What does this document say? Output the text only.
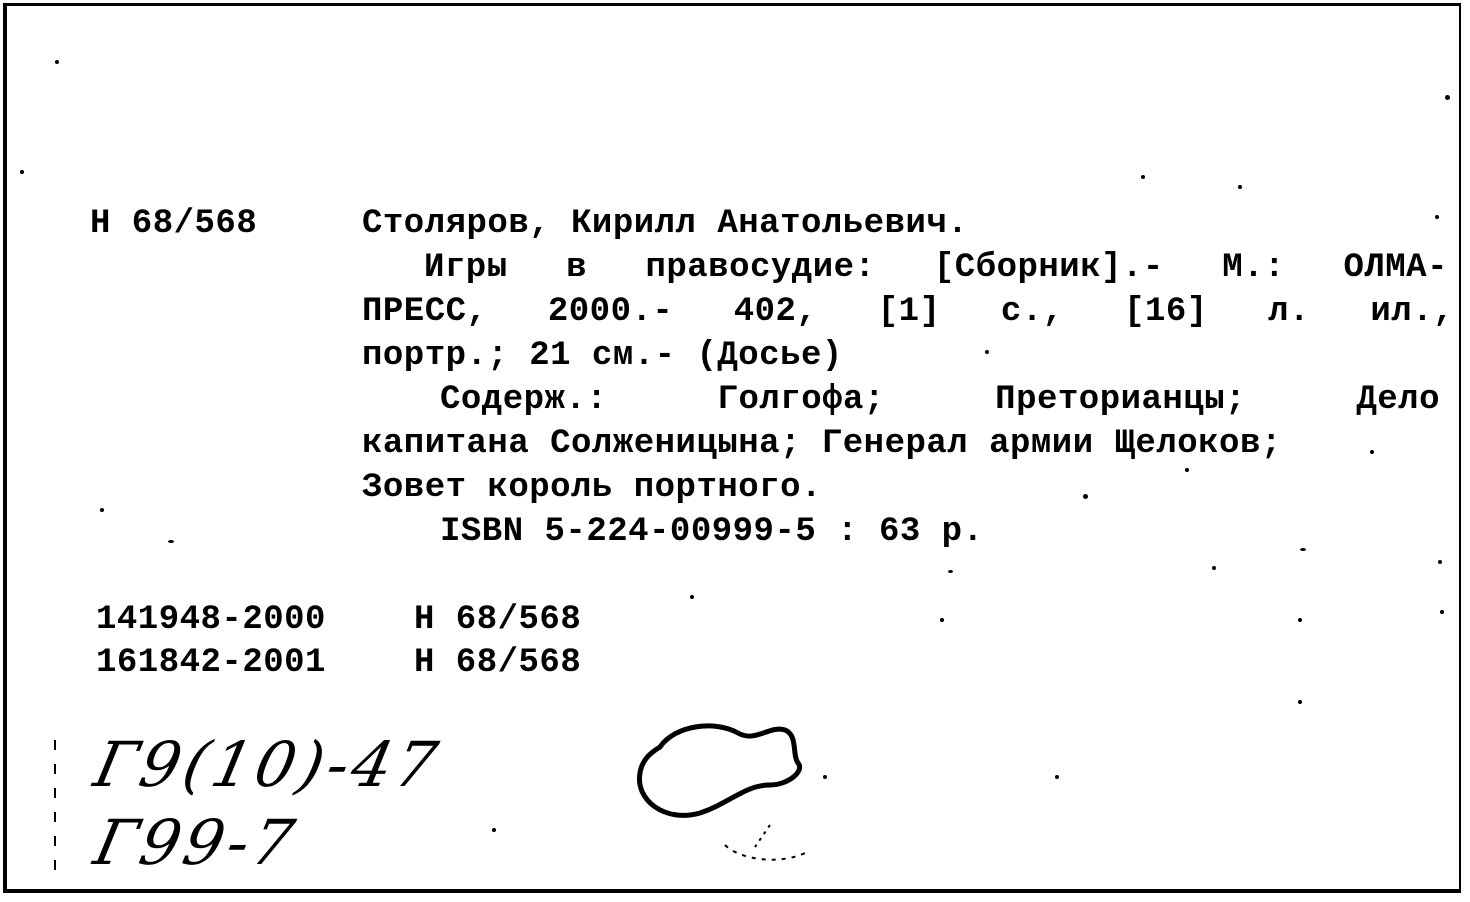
Н 68/568	Столяров, Кирилл Анатольевич.
Игры в правосудие: [Сборник].- М.: ОЛМА-
ПРЕСС, 2000.- 402, [1] с., [16] л. ил.,
портр.; 21 см.- (Досье)
Содерж.: Голгофа; Преторианцы; Дело
капитана Солженицына; Генерал армии Щелоков;
Зовет король портного.
ISBN 5-224-00999-5 : 63 р.
141948-2000	Н 68/568
161842-2001	Н 68/568
Г9(10)-47
Г99-7
